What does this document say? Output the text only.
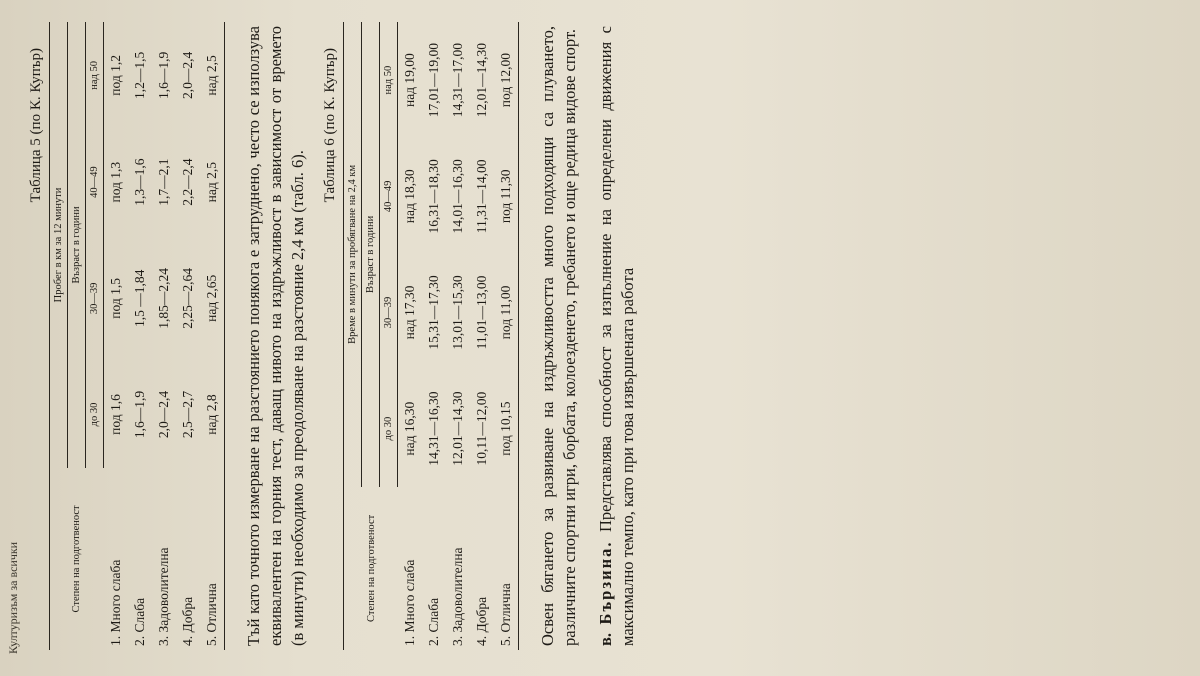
Културизъм за всички
Таблица 5 (по К. Купър)
Степен на подготвеност	Пробег в км за 12 минути			
	Възраст в години			
	до 30	30—39	40—49	над 50
1. Много слаба	под 1,6	под 1,5	под 1,3	под 1,2
2. Слаба	1,6—1,9	1,5 —1,84	1,3—1,6	1,2—1,5
3. Задоволителна	2,0—2,4	1,85—2,24	1,7—2,1	1,6—1,9
4. Добра	2,5—2,7	2,25—2,64	2,2—2,4	2,0—2,4
5. Отлична	над 2,8	над 2,65	над 2,5	над 2,5 Тъй като точното измерване на разстоянието понякога е затруднено, често се използува еквивалентен на горния тест, даващ нивото на издръжливост в зависимост от времето (в минути) необходимо за преодоляване на разстояние 2,4 км (табл. 6).

Таблица 6 (по К. Купър)
Степен на подготвеност	Време в минути за пробягване на 2,4 км			
	Възраст в години			
	до 30	30—39	40—49	над 50
1. Много слаба	над 16,30	над 17,30	над 18,30	над 19,00
2. Слаба	14,31—16,30	15,31—17,30	16,31—18,30	17,01—19,00
3. Задоволителна	12,01—14,30	13,01—15,30	14,01—16,30	14,31—17,00
4. Добра	10,11—12,00	11,01—13,00	11,31—14,00	12,01—14,30
5. Отлична	под 10,15	под 11,00	под 11,30	под 12,00 Освен бягането за развиване на издръжливостта много подходящи са плуването, различните спортни игри, борбата, колоезденето, гребането и още редица видове спорт. в. Бързина. Представлява способност за изпълнение на определени движения с максимално темпо, като при това извършената работа
